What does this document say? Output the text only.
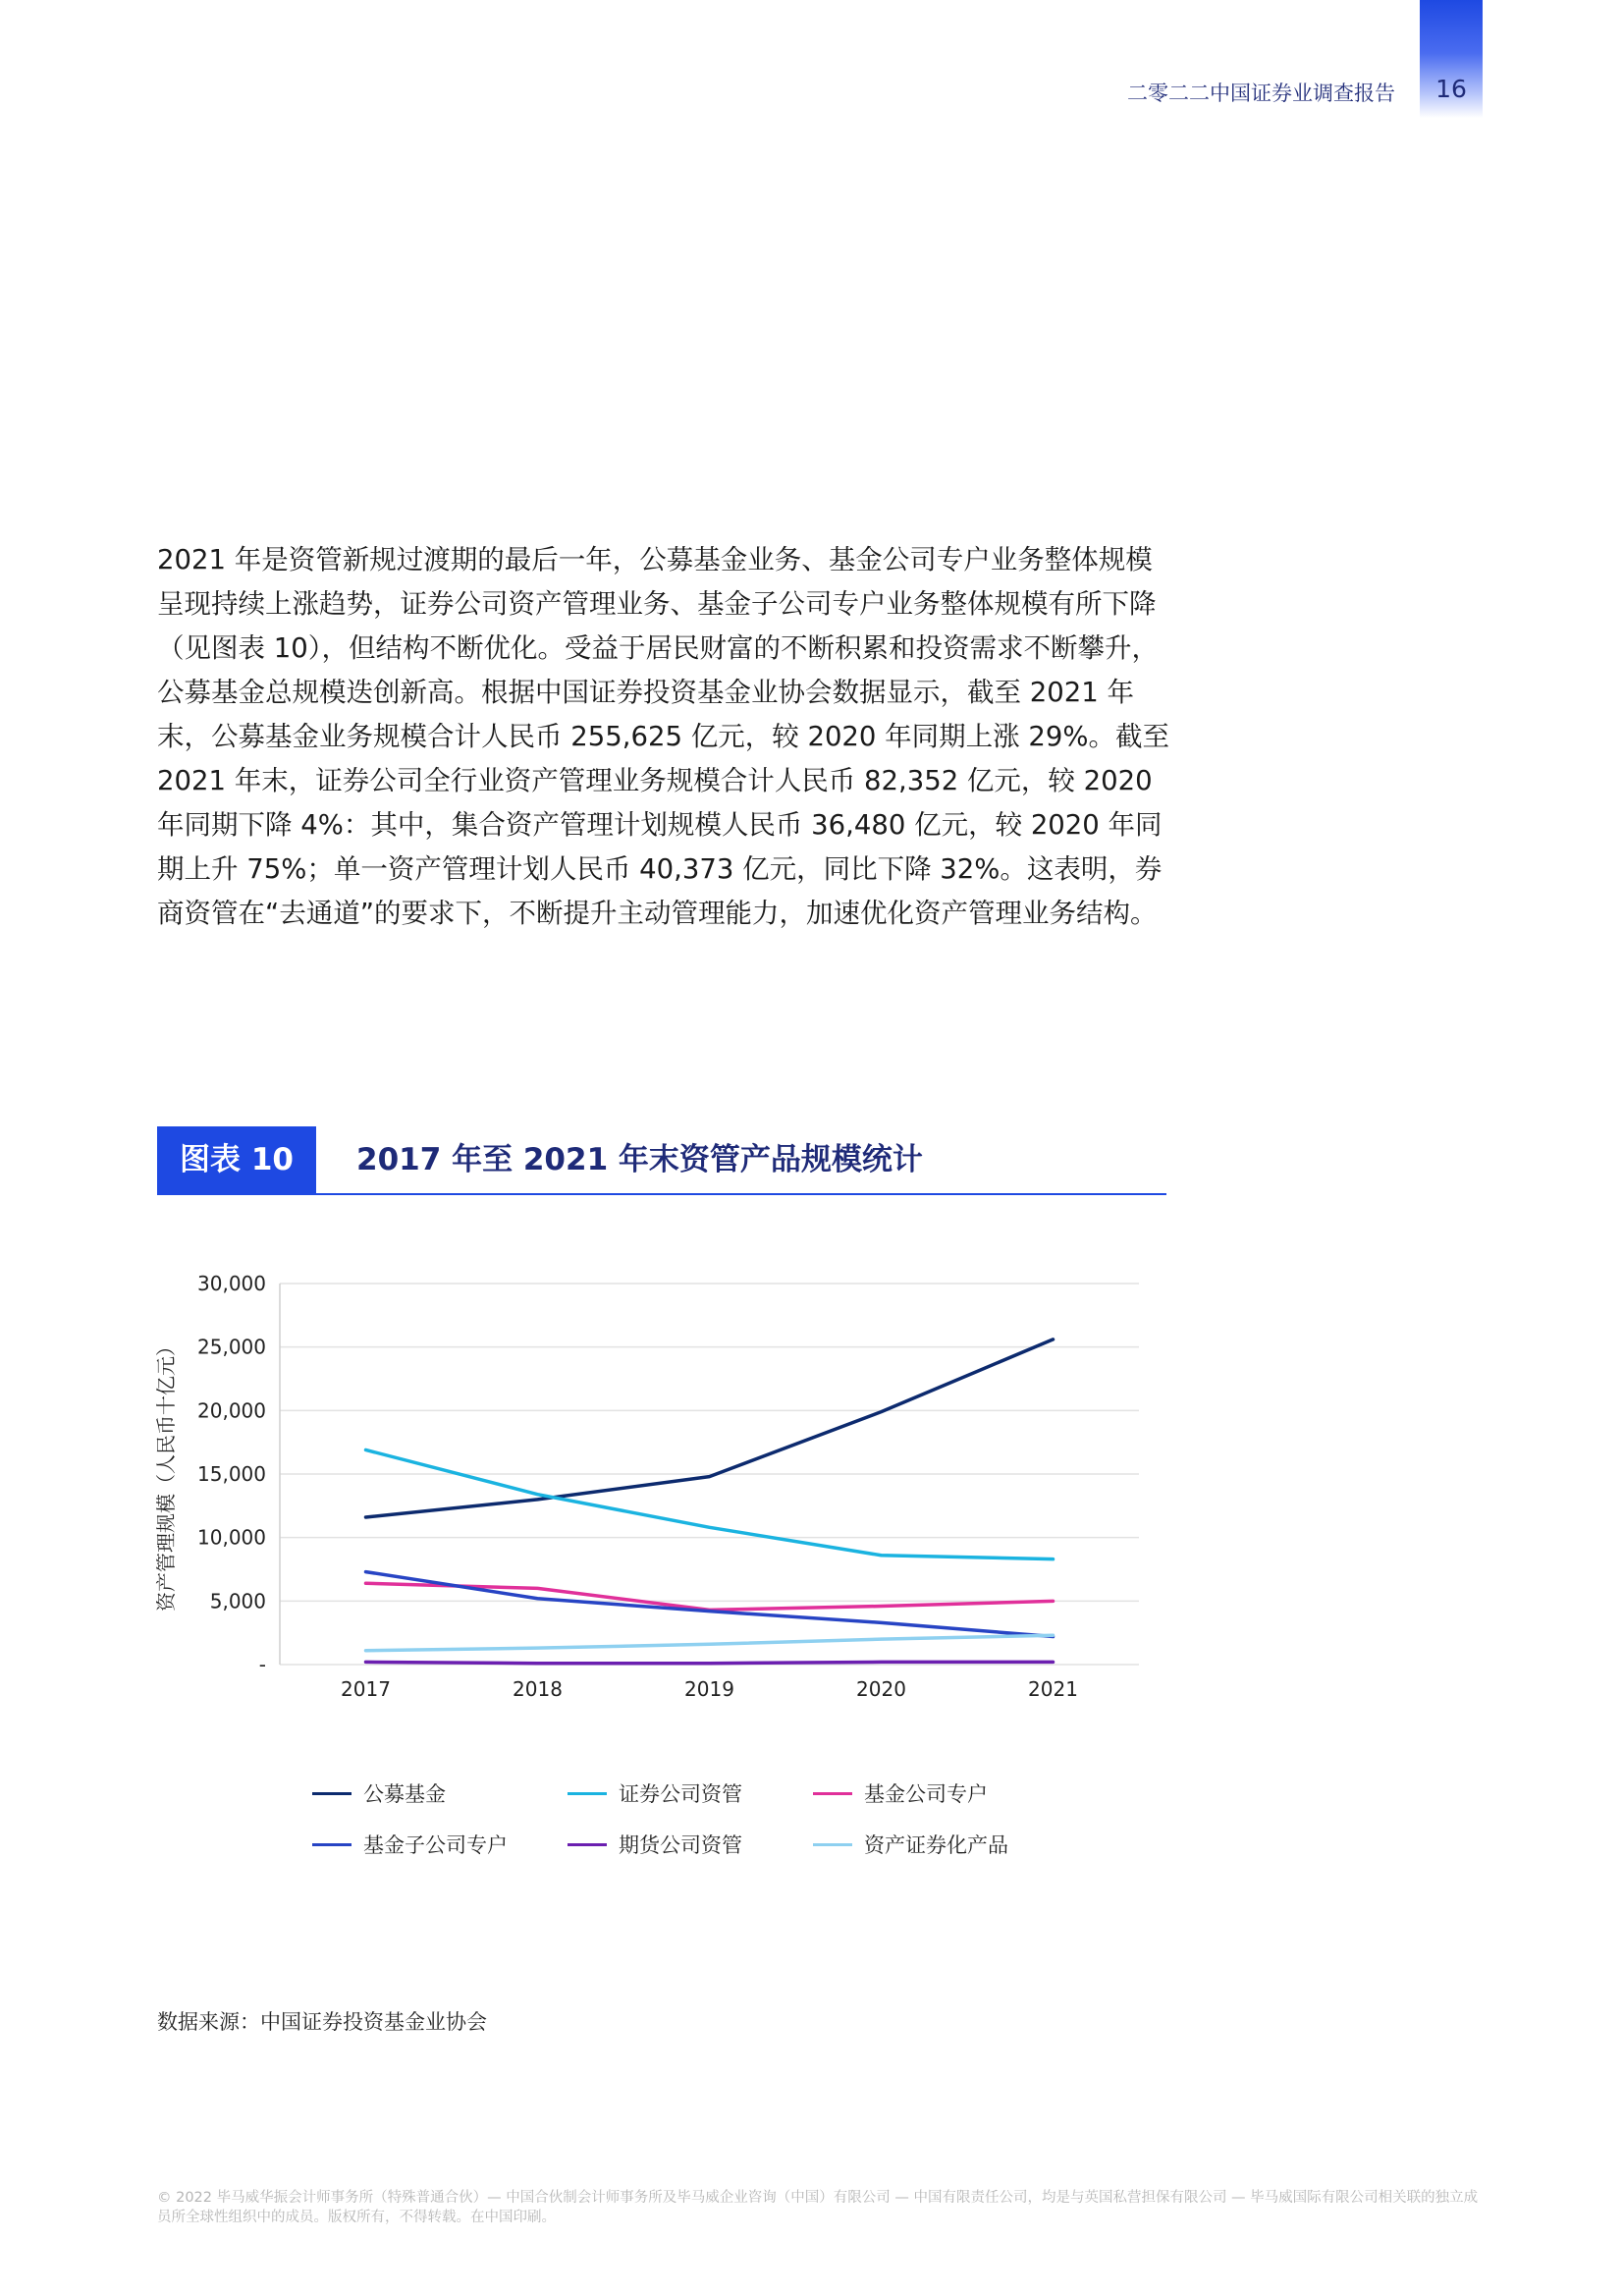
16
二零二二中国证券业调查报告

2021 年是资管新规过渡期的最后一年，公募基金业务、基金公司专户业务整体规模呈现持续上涨趋势，证券公司资产管理业务、基金子公司专户业务整体规模有所下降（见图表 10），但结构不断优化。受益于居民财富的不断积累和投资需求不断攀升，公募基金总规模迭创新高。根据中国证券投资基金业协会数据显示，截至 2021 年末，公募基金业务规模合计人民币 255,625 亿元，较 2020 年同期上涨 29%。截至 2021 年末，证券公司全行业资产管理业务规模合计人民币 82,352 亿元，较 2020 年同期下降 4%：其中，集合资产管理计划规模人民币 36,480 亿元，较 2020 年同期上升 75%；单一资产管理计划人民币 40,373 亿元，同比下降 32%。这表明，券商资管在“去通道”的要求下，不断提升主动管理能力，加速优化资产管理业务结构。

图表 10	2017 年至 2021 年末资管产品规模统计
-
5,000
10,000
15,000
20,000
25,000
30,000
2017	2018	2019	2020	2021
资产管理规模（人民币十亿元）
公募基金	证券公司资管	基金公司专户
基金子公司专户	期货公司资管	资产证券化产品
数据来源：中国证券投资基金业协会

© 2022 毕马威华振会计师事务所（特殊普通合伙）— 中国合伙制会计师事务所及毕马威企业咨询（中国）有限公司 — 中国有限责任公司，均是与英国私营担保有限公司 — 毕马威国际有限公司相关联的独立成员所全球性组织中的成员。版权所有，不得转载。在中国印刷。
